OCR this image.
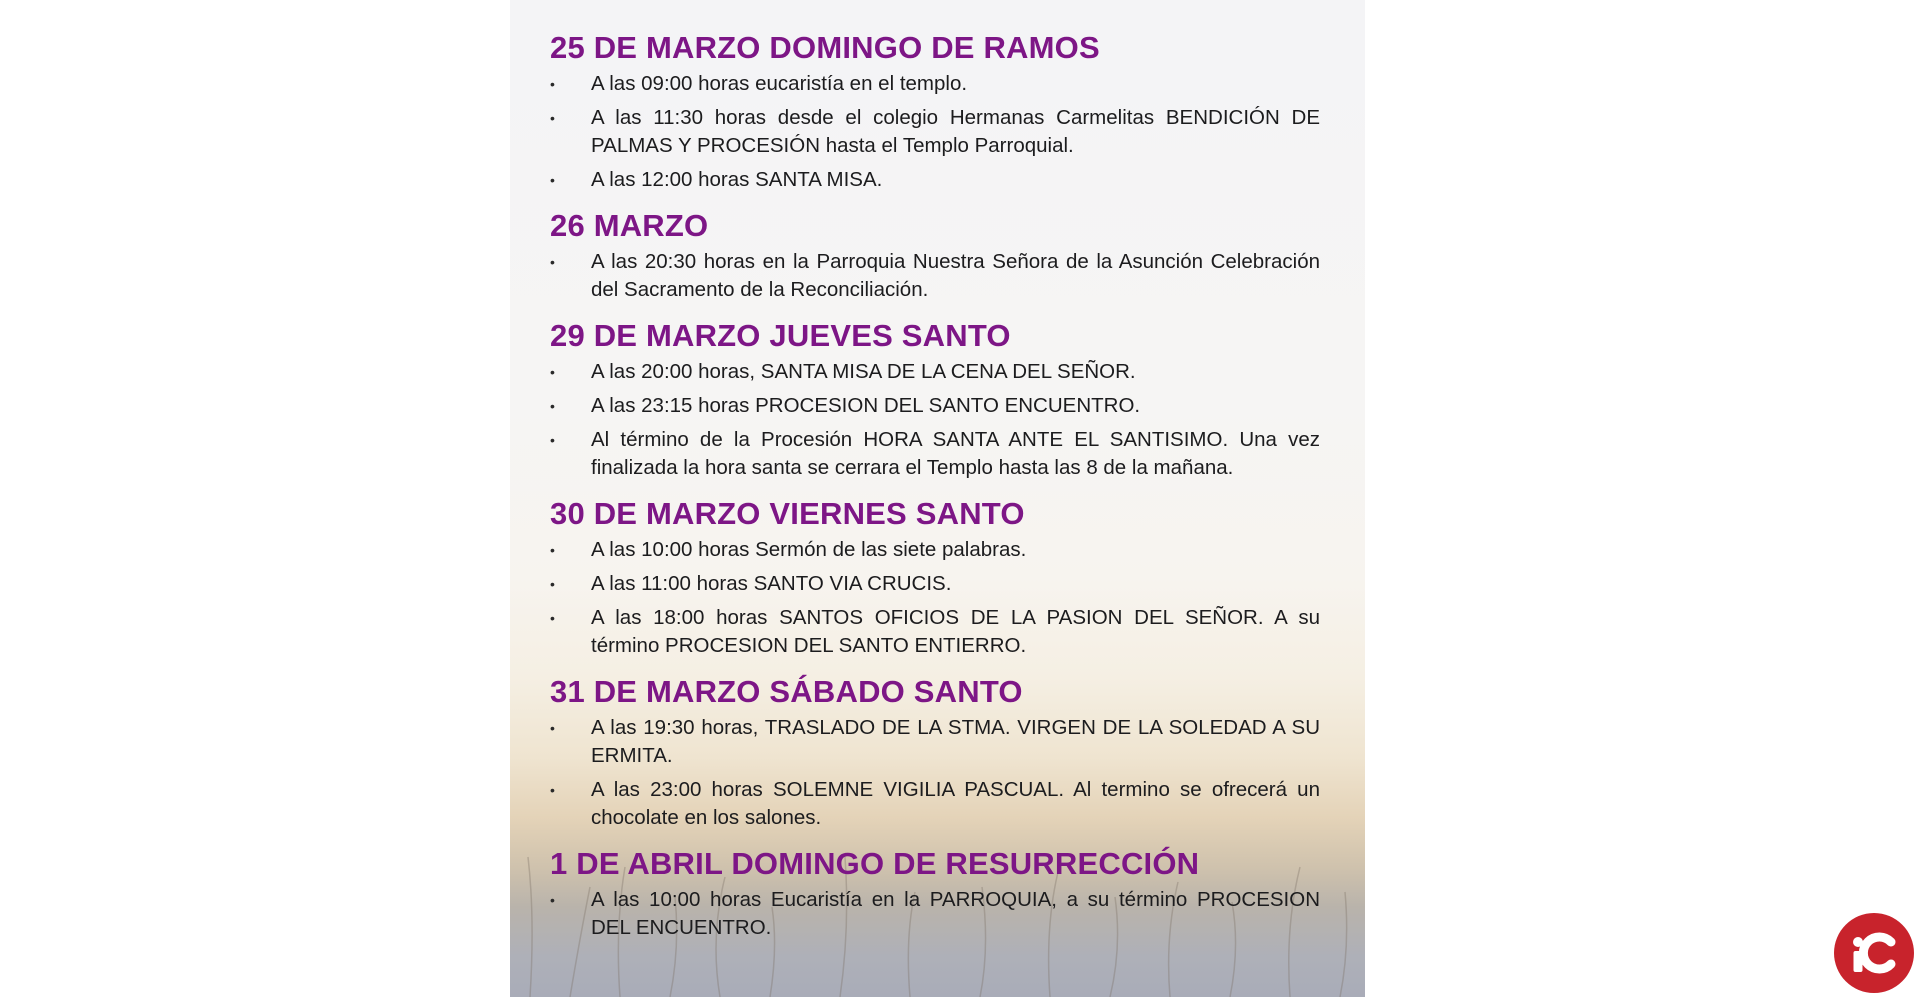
25 DE MARZO DOMINGO DE RAMOS
•	A las 09:00 horas eucaristía en el templo.
•	A las 11:30 horas desde el colegio Hermanas Carmelitas BENDICIÓN DE PALMAS Y PROCESIÓN hasta el Templo Parroquial.
•	A las 12:00 horas SANTA MISA.
26 MARZO
•	A las 20:30 horas en la Parroquia Nuestra Señora de la Asunción Celebración del Sacramento de la Reconciliación.
29 DE MARZO JUEVES SANTO
•	A las 20:00 horas, SANTA MISA DE LA CENA DEL SEÑOR.
•	A las 23:15 horas PROCESION DEL SANTO ENCUENTRO.
•	Al término de la Procesión HORA SANTA ANTE EL SANTISIMO. Una vez finalizada la hora santa se cerrara el Templo hasta las 8 de la mañana.
30 DE MARZO VIERNES SANTO
•	A las 10:00 horas Sermón de las siete palabras.
•	A las 11:00 horas SANTO VIA CRUCIS.
•	A las 18:00 horas SANTOS OFICIOS DE LA PASION DEL SEÑOR. A su término PROCESION DEL SANTO ENTIERRO.
31 DE MARZO SÁBADO SANTO
•	A las 19:30 horas, TRASLADO DE LA STMA. VIRGEN DE LA SOLEDAD A SU ERMITA.
•	A las 23:00 horas SOLEMNE VIGILIA PASCUAL. Al termino se ofrecerá un chocolate en los salones.
1 DE ABRIL DOMINGO DE RESURRECCIÓN
•	A las 10:00 horas Eucaristía en la PARROQUIA, a su término PROCESION DEL ENCUENTRO.
